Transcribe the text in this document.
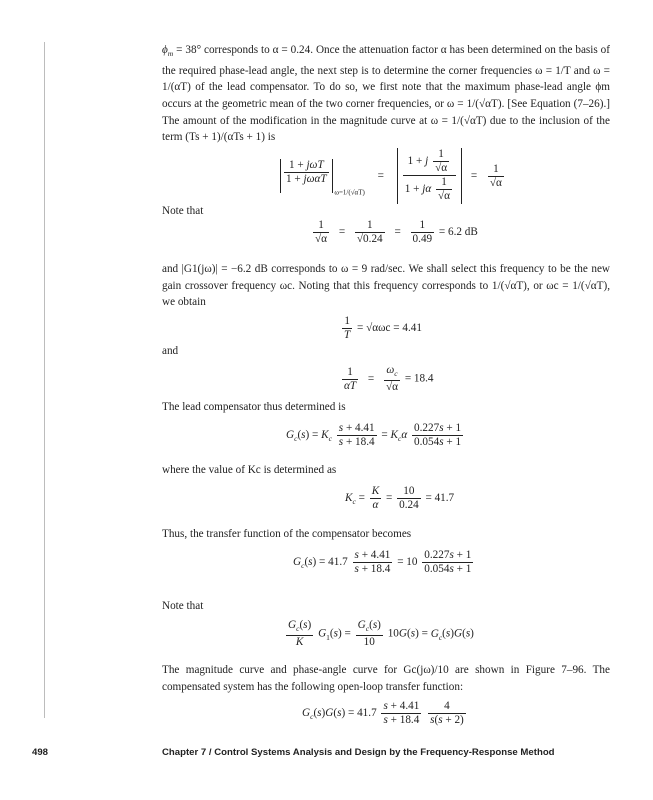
$\phi_m = 38^\circ$ corresponds to α = 0.24. Once the attenuation factor α has been determined on the basis of the required phase-lead angle, the next step is to determine the corner frequencies ω = 1/T and ω = 1/(αT) of the lead compensator. To do so, we first note that the maximum phase-lead angle ϕm occurs at the geometric mean of the two corner frequencies, or ω = 1/(√αT). [See Equation (7–26).] The amount of the modification in the magnitude curve at ω = 1/(√αT) due to the inclusion of the term (Ts + 1)/(αTs + 1) is

$\frac{\text{1 + jωT}}{\text{1 + jωαT}}$
$_{\omega=1/(√\alpha T)} = \frac{1 + j \frac{1}{√\alpha}}{1 + j\alpha \frac{1}{√\alpha}} = \frac{1}{√\alpha}$

Note that

$\frac{1}{√\alpha} = \frac{1}{√0.24} = \frac{1}{0.49} = 6.2$ dB

and |G1(jω)| = −6.2 dB corresponds to ω = 9 rad/sec. We shall select this frequency to be the new gain crossover frequency ωc. Noting that this frequency corresponds to 1/(√αT), or ωc = 1/(√αT), we obtain

$\frac{1}{T} = √\alpha\omega c = 4.41$

and

$\frac{1}{\alpha T} = \frac{\omega_c}{√\alpha} = 18.4$

The lead compensator thus determined is

$G_c(s) = K_c \frac{s + 4.41}{s + 18.4} = K_c\alpha \frac{0.227s + 1}{0.054s + 1}$

where the value of Kc is determined as

$K_c = \frac{K}{\alpha} = \frac{10}{0.24} = 41.7$

Thus, the transfer function of the compensator becomes

$G_c(s) = 41.7 \frac{s + 4.41}{s + 18.4} = 10 \frac{0.227s + 1}{0.054s + 1}$

Note that

$\frac{G_c(s)}{K} G_1(s) = \frac{G_c(s)}{10} 10G(s) = G_c(s)G(s)$

The magnitude curve and phase-angle curve for Gc(jω)/10 are shown in Figure 7–96. The compensated system has the following open-loop transfer function:

$G_c(s)G(s) = 41.7 \frac{s + 4.41}{s + 18.4}$
$\frac{4}{s(s + 2)}$
498	Chapter 7 / Control Systems Analysis and Design by the Frequency-Response Method
